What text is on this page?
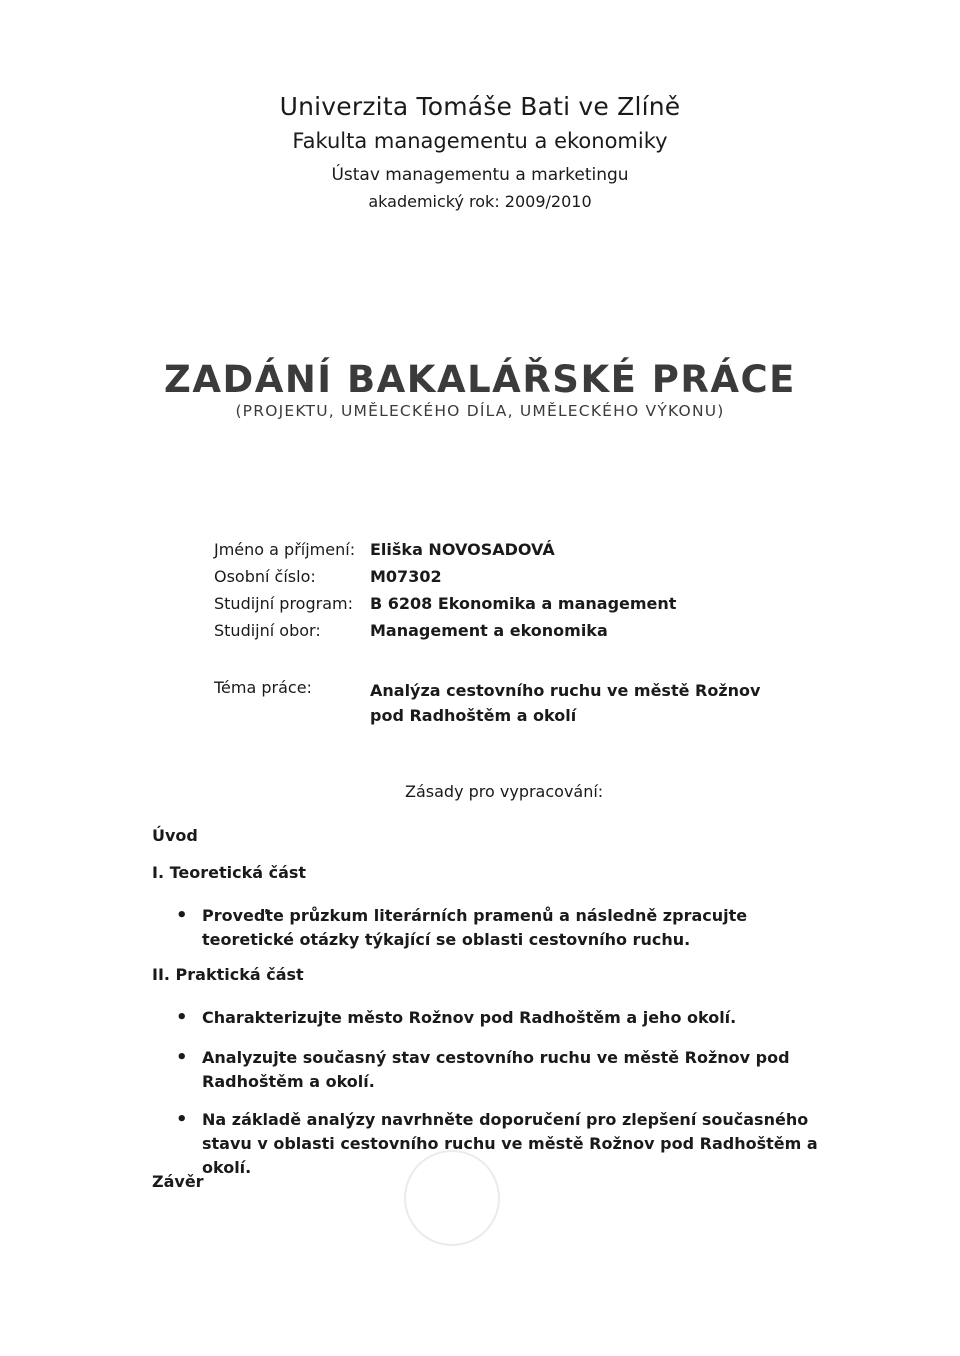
Univerzita Tomáše Bati ve Zlíně
Fakulta managementu a ekonomiky
Ústav managementu a marketingu
akademický rok: 2009/2010
ZADÁNÍ BAKALÁŘSKÉ PRÁCE
(PROJEKTU, UMĚLECKÉHO DÍLA, UMĚLECKÉHO VÝKONU)
Jméno a příjmení: Eliška NOVOSADOVÁ
Osobní číslo:	M07302
Studijní program: B 6208 Ekonomika a management
Studijní obor:	Management a ekonomika
Téma práce:	Analýza cestovního ruchu ve městě Rožnov pod Radhoštěm a okolí
Zásady pro vypracování:
Úvod
I. Teoretická část
• Proveďte průzkum literárních pramenů a následně zpracujte teoretické otázky týkající se oblasti cestovního ruchu.
II. Praktická část
• Charakterizujte město Rožnov pod Radhoštěm a jeho okolí.
• Analyzujte současný stav cestovního ruchu ve městě Rožnov pod Radhoštěm a okolí.
• Na základě analýzy navrhněte doporučení pro zlepšení současného stavu v oblasti cestovního ruchu ve městě Rožnov pod Radhoštěm a okolí.
Závěr
